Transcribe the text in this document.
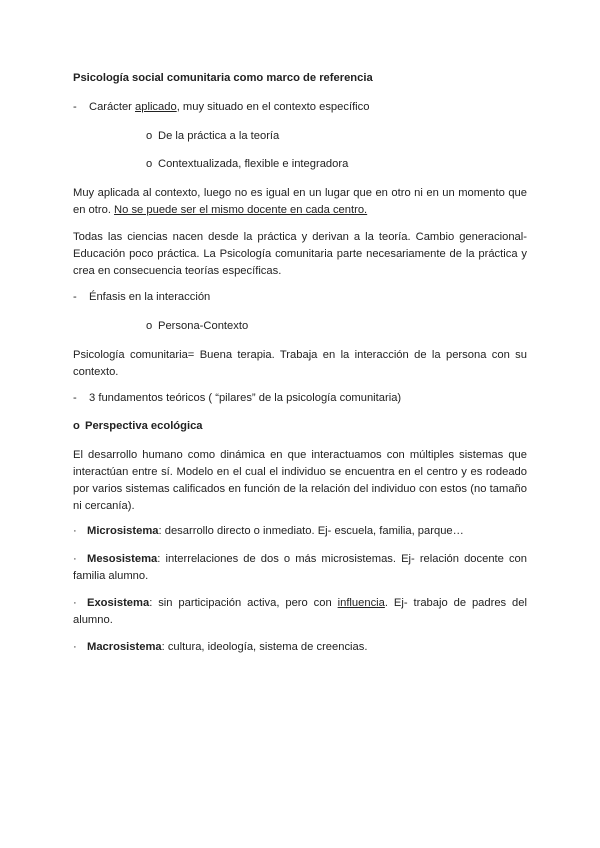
Psicología social comunitaria como marco de referencia
- Carácter aplicado, muy situado en el contexto específico
o De la práctica a la teoría
o Contextualizada, flexible e integradora
Muy aplicada al contexto, luego no es igual en un lugar que en otro ni en un momento que en otro. No se puede ser el mismo docente en cada centro.
Todas las ciencias nacen desde la práctica y derivan a la teoría. Cambio generacional- Educación poco práctica. La Psicología comunitaria parte necesariamente de la práctica y crea en consecuencia teorías específicas.
- Énfasis en la interacción
o Persona-Contexto
Psicología comunitaria= Buena terapia. Trabaja en la interacción de la persona con su contexto.
- 3 fundamentos teóricos ( “pilares” de la psicología comunitaria)
o Perspectiva ecológica
El desarrollo humano como dinámica en que interactuamos con múltiples sistemas que interactúan entre sí. Modelo en el cual el individuo se encuentra en el centro y es rodeado por varios sistemas calificados en función de la relación del individuo con estos (no tamaño ni cercanía).
· Microsistema: desarrollo directo o inmediato. Ej- escuela, familia, parque…
· Mesosistema: interrelaciones de dos o más microsistemas. Ej- relación docente con familia alumno.
· Exosistema: sin participación activa, pero con influencia. Ej- trabajo de padres del alumno.
· Macrosistema: cultura, ideología, sistema de creencias.
